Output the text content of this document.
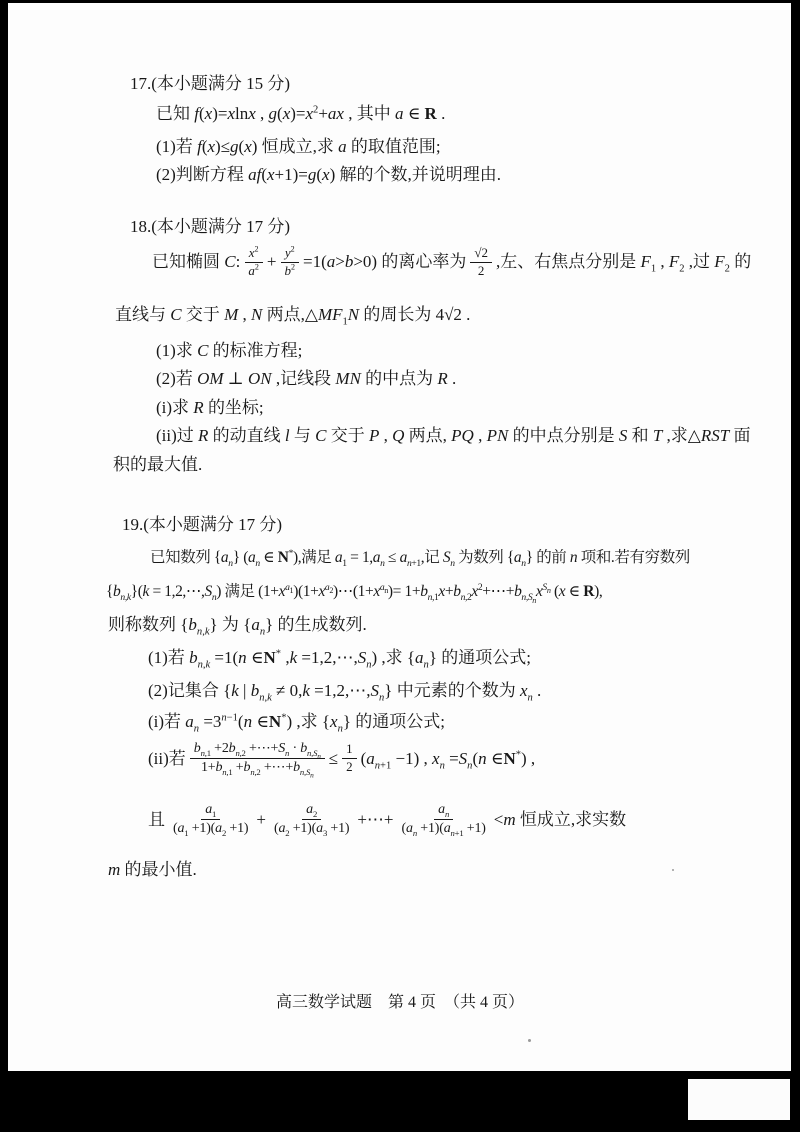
17.(本小题满分 15 分)
已知 f(x)=xlnx , $g(x)=x^2+ax$ , 其中 a ∈ R .
(1)若 f(x)≤g(x) 恒成立,求 a 的取值范围;
(2)判断方程 af(x+1)=g(x) 解的个数,并说明理由.
18.(本小题满分 17 分)
已知椭圆 C: $\frac{x^2}{a^2} + \frac{y^2}{b^2} =1(a>b>0)$ 的离心率为 $\frac{√2}{2}$ ,左、右焦点分别是 $F_1$ , $F_2$ ,过 $F_2$ 的
直线与 C 交于 M , N 两点$,\triangle MF_1N$ 的周长为 4√2 .
(1)求 C 的标准方程;
(2)若 OM ⊥ ON ,记线段 MN 的中点为 R .
(i)求 R 的坐标;
(ii)过 R 的动直线 l 与 C 交于 P , Q 两点, PQ , PN 的中点分别是 S 和 T ,求△RST 面
积的最大值.
19.(本小题满分 17 分)
已知数列 $\{a_n\}$ ($a_n$ ∈ N*),满足 $a_1 = 1,a_n \le a_{n+1}$,记 $S_n$ 为数列 $\{a_n\}$ 的前 n 项和.若有穷数列
$\{b_{n,k}\}(k$ = $1,2,\cdots,S_n$) 满足 $(1+x^{a_1})(1+x^{a_2})\cdots(1+x^{a_n})=$ $1+b_{n,1}x+b_{n,2}x^2+\cdots+b_{n,S_n}x^{S_n}$ (x ∈ R),
则称数列 $\{b_{n,k}\}$ 为 $\{a_n\}$ 的生成数列.
(1)若 $b_{n,k} =1(n$ ∈N* $,k =1,2,\cdots,S_n$) ,求 $\{a_n\}$ 的通项公式;
(2)记集合 {k | $b_{n,k} \ne 0,k$ $=1,2,\cdots,S_n$} 中元素的个数为 $x_n$ .
(i)若 $a_n =3^{n-1}(n$ ∈N*) ,求 $\{x_n\}$ 的通项公式;
(ii)若 $\frac{b_{n,1} +2b_{n,2} +\cdots+S_n \cdot b_{n,S_n}}{1+b_{n,1} +b_{n,2} +\cdots+b_{n,S_n}} \le \frac{1}{2} (a_{n+1} -1)$ , $x_n =S_n(n$ ∈N*) ,
且 $\frac{a_1}{(a_1 +1)(a_2 +1)} + \frac{a_2}{(a_2 +1)(a_3 +1)}$ +⋯+ $\frac{a_n}{(a_n +1)(a_{n+1} +1)} <m$ 恒成立,求实数
m 的最小值.
高三数学试题　第 4 页　（共 4 页）
